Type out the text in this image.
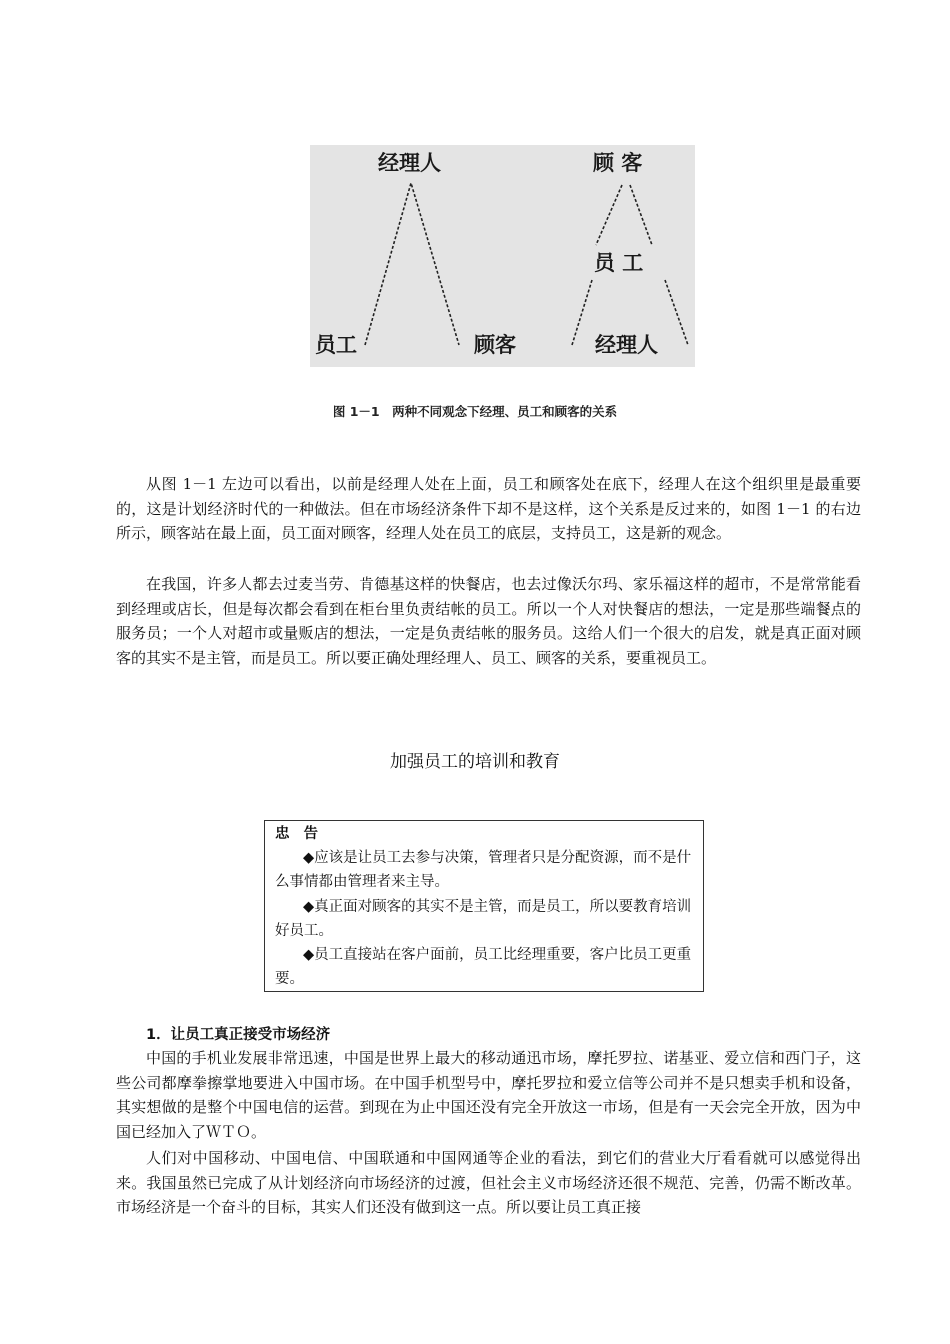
经理人
员工	顾客
顾 客
员 工
经理人
图 1－1　两种不同观念下经理、员工和顾客的关系

从图 1－1 左边可以看出，以前是经理人处在上面，员工和顾客处在底下，经理人在这个组织里是最重要的，这是计划经济时代的一种做法。但在市场经济条件下却不是这样，这个关系是反过来的，如图 1－1 的右边所示，顾客站在最上面，员工面对顾客，经理人处在员工的底层，支持员工，这是新的观念。

在我国，许多人都去过麦当劳、肯德基这样的快餐店，也去过像沃尔玛、家乐福这样的超市，不是常常能看到经理或店长，但是每次都会看到在柜台里负责结帐的员工。所以一个人对快餐店的想法，一定是那些端餐点的服务员；一个人对超市或量贩店的想法，一定是负责结帐的服务员。这给人们一个很大的启发，就是真正面对顾客的其实不是主管，而是员工。所以要正确处理经理人、员工、顾客的关系，要重视员工。

加强员工的培训和教育
忠告

◆应该是让员工去参与决策，管理者只是分配资源，而不是什么事情都由管理者来主导。

◆真正面对顾客的其实不是主管，而是员工，所以要教育培训好员工。

◆员工直接站在客户面前，员工比经理重要，客户比员工更重要。

1．让员工真正接受市场经济

中国的手机业发展非常迅速，中国是世界上最大的移动通迅市场，摩托罗拉、诺基亚、爱立信和西门子，这些公司都摩拳擦掌地要进入中国市场。在中国手机型号中，摩托罗拉和爱立信等公司并不是只想卖手机和设备，其实想做的是整个中国电信的运营。到现在为止中国还没有完全开放这一市场，但是有一天会完全开放，因为中国已经加入了ＷＴＯ。

人们对中国移动、中国电信、中国联通和中国网通等企业的看法，到它们的营业大厅看看就可以感觉得出来。我国虽然已完成了从计划经济向市场经济的过渡，但社会主义市场经济还很不规范、完善，仍需不断改革。市场经济是一个奋斗的目标，其实人们还没有做到这一点。所以要让员工真正接
